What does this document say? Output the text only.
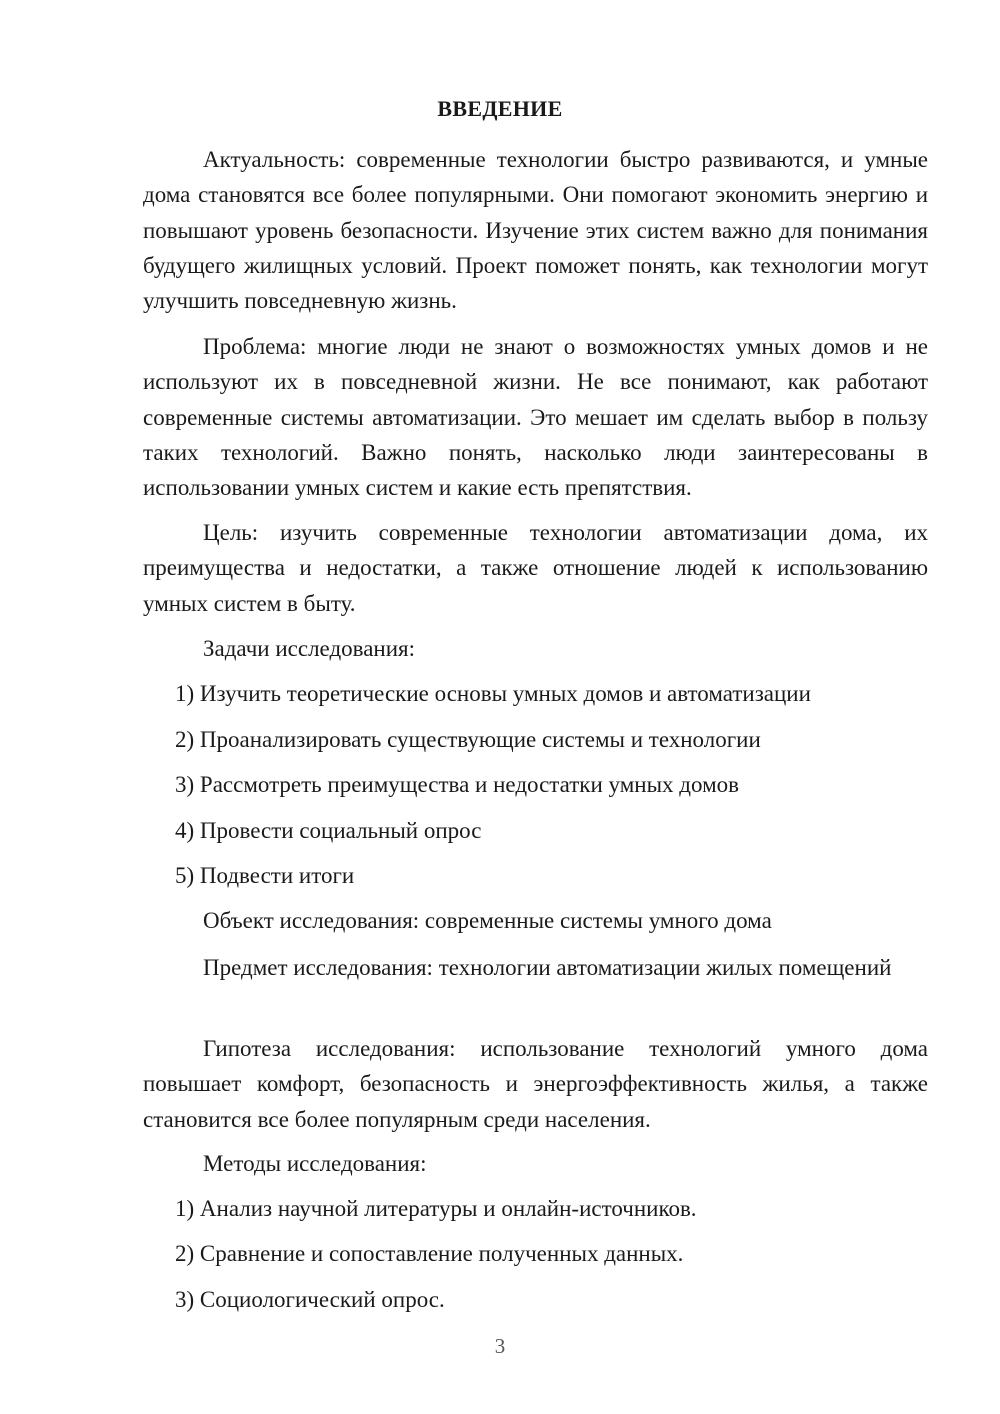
ВВЕДЕНИЕ

Актуальность: современные технологии быстро развиваются, и умные дома становятся все более популярными. Они помогают экономить энергию и повышают уровень безопасности. Изучение этих систем важно для понимания будущего жилищных условий. Проект поможет понять, как технологии могут улучшить повседневную жизнь.

Проблема: многие люди не знают о возможностях умных домов и не используют их в повседневной жизни. Не все понимают, как работают современные системы автоматизации. Это мешает им сделать выбор в пользу таких технологий. Важно понять, насколько люди заинтересованы в использовании умных систем и какие есть препятствия.

Цель: изучить современные технологии автоматизации дома, их преимущества и недостатки, а также отношение людей к использованию умных систем в быту.

Задачи исследования:

1) Изучить теоретические основы умных домов и автоматизации

2) Проанализировать существующие системы и технологии

3) Рассмотреть преимущества и недостатки умных домов

4) Провести социальный опрос

5) Подвести итоги

Объект исследования: современные системы умного дома

Предмет исследования: технологии автоматизации жилых помещений

Гипотеза исследования: использование технологий умного дома повышает комфорт, безопасность и энергоэффективность жилья, а также становится все более популярным среди населения.

Методы исследования:

1) Анализ научной литературы и онлайн-источников.

2) Сравнение и сопоставление полученных данных.

3) Социологический опрос.

3
